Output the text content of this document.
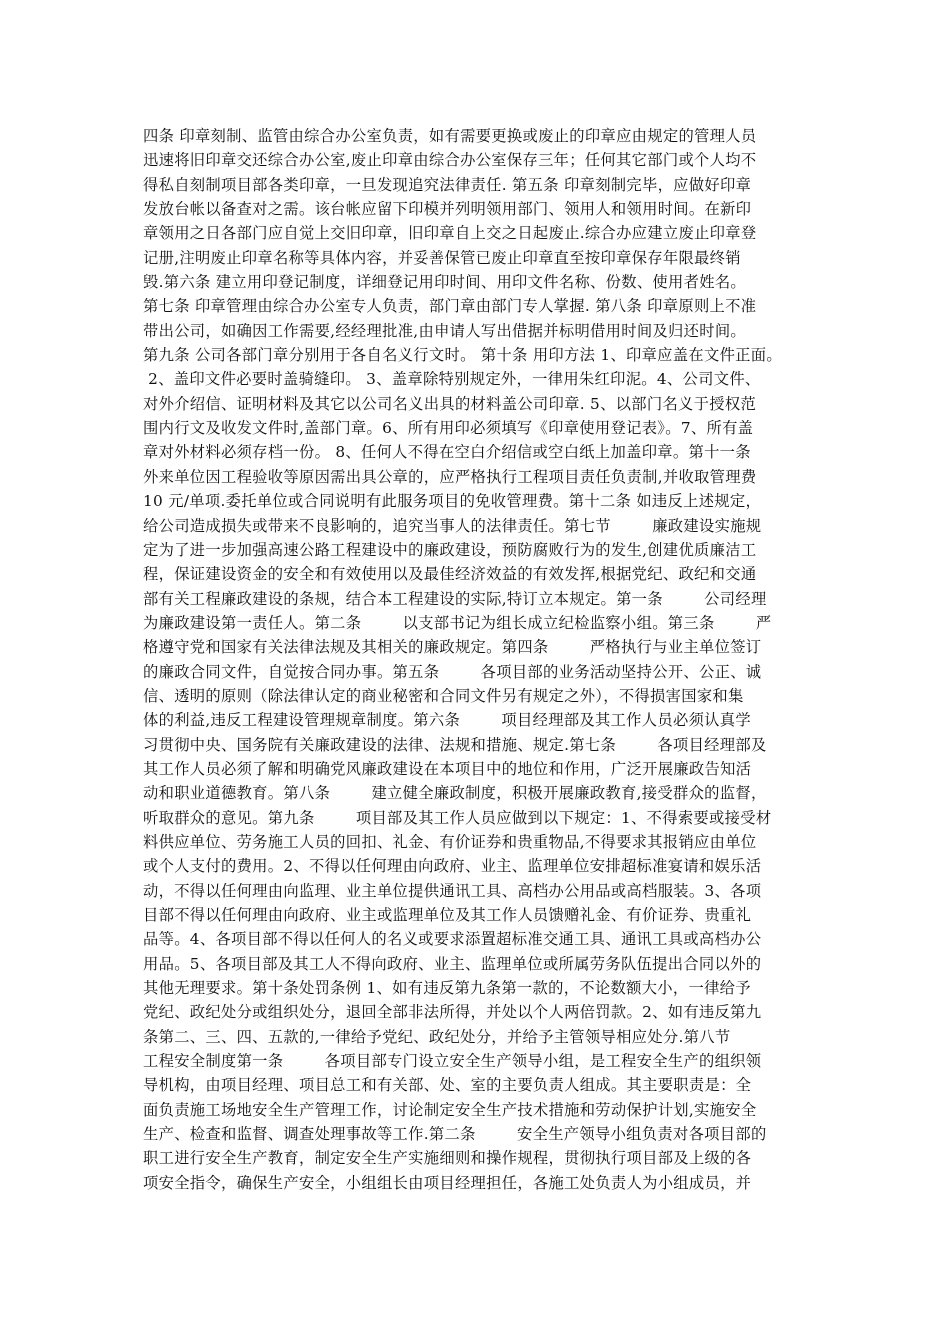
四条 印章刻制、监管由综合办公室负责，如有需要更换或废止的印章应由规定的管理人员
迅速将旧印章交还综合办公室,废止印章由综合办公室保存三年；任何其它部门或个人均不
得私自刻制项目部各类印章，一旦发现追究法律责任. 第五条 印章刻制完毕，应做好印章
发放台帐以备查对之需。该台帐应留下印模并列明领用部门、领用人和领用时间。在新印
章领用之日各部门应自觉上交旧印章，旧印章自上交之日起废止.综合办应建立废止印章登
记册,注明废止印章名称等具体内容，并妥善保管已废止印章直至按印章保存年限最终销
毁.第六条 建立用印登记制度，详细登记用印时间、用印文件名称、份数、使用者姓名。
第七条 印章管理由综合办公室专人负责，部门章由部门专人掌握. 第八条 印章原则上不准
带出公司，如确因工作需要,经经理批准,由申请人写出借据并标明借用时间及归还时间。
第九条 公司各部门章分别用于各自名义行文时。 第十条 用印方法 1、印章应盖在文件正面。
2、盖印文件必要时盖骑缝印。 3、盖章除特别规定外，一律用朱红印泥。4、公司文件、
对外介绍信、证明材料及其它以公司名义出具的材料盖公司印章. 5、以部门名义于授权范
围内行文及收发文件时,盖部门章。6、所有用印必须填写《印章使用登记表》。7、所有盖
章对外材料必须存档一份。 8、任何人不得在空白介绍信或空白纸上加盖印章。第十一条
外来单位因工程验收等原因需出具公章的，应严格执行工程项目责任负责制,并收取管理费
10 元/单项.委托单位或合同说明有此服务项目的免收管理费。第十二条 如违反上述规定，
给公司造成损失或带来不良影响的，追究当事人的法律责任。第七节        廉政建设实施规
定为了进一步加强高速公路工程建设中的廉政建设，预防腐败行为的发生,创建优质廉洁工
程，保证建设资金的安全和有效使用以及最佳经济效益的有效发挥,根据党纪、政纪和交通
部有关工程廉政建设的条规，结合本工程建设的实际,特订立本规定。第一条        公司经理
为廉政建设第一责任人。第二条        以支部书记为组长成立纪检监察小组。第三条        严
格遵守党和国家有关法律法规及其相关的廉政规定。第四条        严格执行与业主单位签订
的廉政合同文件，自觉按合同办事。第五条        各项目部的业务活动坚持公开、公正、诚
信、透明的原则（除法律认定的商业秘密和合同文件另有规定之外），不得损害国家和集
体的利益,违反工程建设管理规章制度。第六条        项目经理部及其工作人员必须认真学
习贯彻中央、国务院有关廉政建设的法律、法规和措施、规定.第七条        各项目经理部及
其工作人员必须了解和明确党风廉政建设在本项目中的地位和作用，广泛开展廉政告知活
动和职业道德教育。第八条        建立健全廉政制度，积极开展廉政教育,接受群众的监督，
听取群众的意见。第九条        项目部及其工作人员应做到以下规定：1、不得索要或接受材
料供应单位、劳务施工人员的回扣、礼金、有价证券和贵重物品,不得要求其报销应由单位
或个人支付的费用。2、不得以任何理由向政府、业主、监理单位安排超标准宴请和娱乐活
动，不得以任何理由向监理、业主单位提供通讯工具、高档办公用品或高档服装。3、各项
目部不得以任何理由向政府、业主或监理单位及其工作人员馈赠礼金、有价证券、贵重礼
品等。4、各项目部不得以任何人的名义或要求添置超标准交通工具、通讯工具或高档办公
用品。5、各项目部及其工人不得向政府、业主、监理单位或所属劳务队伍提出合同以外的
其他无理要求。第十条处罚条例 1、如有违反第九条第一款的，不论数额大小，一律给予
党纪、政纪处分或组织处分，退回全部非法所得，并处以个人两倍罚款。2、如有违反第九
条第二、三、四、五款的,一律给予党纪、政纪处分，并给予主管领导相应处分.第八节
工程安全制度第一条        各项目部专门设立安全生产领导小组，是工程安全生产的组织领
导机构，由项目经理、项目总工和有关部、处、室的主要负责人组成。其主要职责是：全
面负责施工场地安全生产管理工作，讨论制定安全生产技术措施和劳动保护计划,实施安全
生产、检查和监督、调查处理事故等工作.第二条        安全生产领导小组负责对各项目部的
职工进行安全生产教育，制定安全生产实施细则和操作规程，贯彻执行项目部及上级的各
项安全指令，确保生产安全，小组组长由项目经理担任，各施工处负责人为小组成员，并
